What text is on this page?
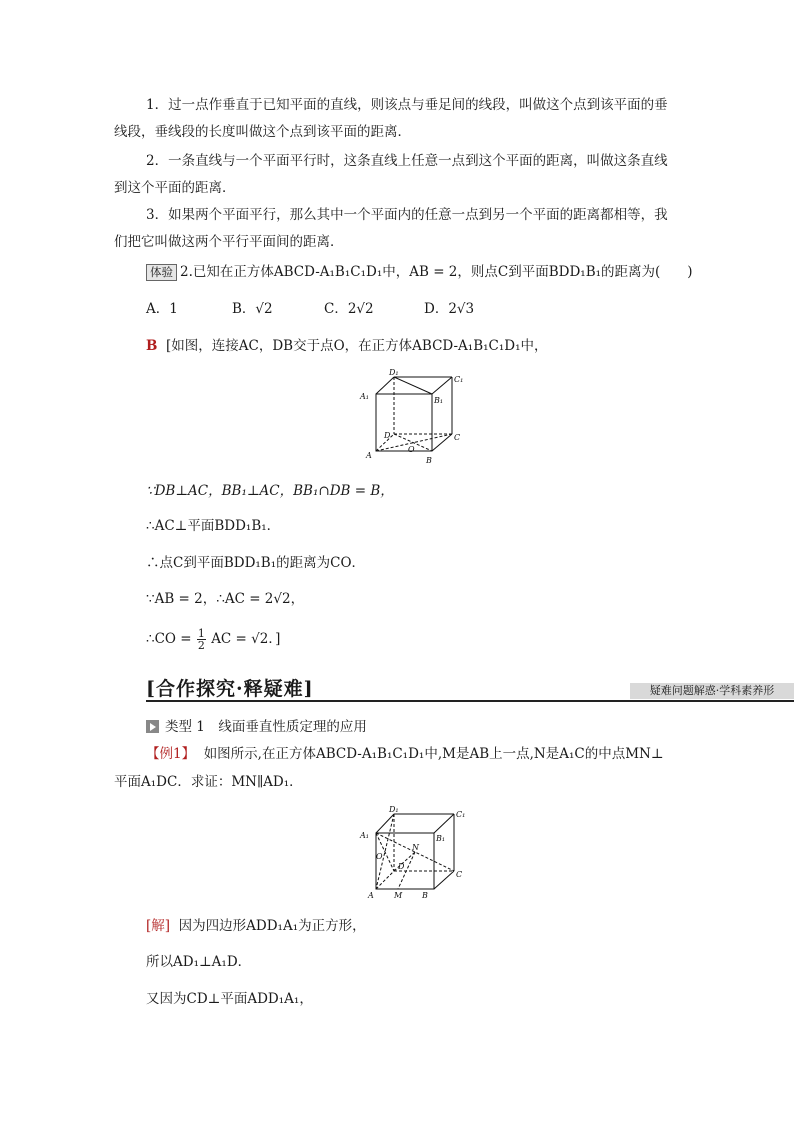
1．过一点作垂直于已知平面的直线，则该点与垂足间的线段，叫做这个点到该平面的垂
线段，垂线段的长度叫做这个点到该平面的距离．
2．一条直线与一个平面平行时，这条直线上任意一点到这个平面的距离，叫做这条直线
到这个平面的距离．
3．如果两个平面平行，那么其中一个平面内的任意一点到另一个平面的距离都相等，我
们把它叫做这两个平行平面间的距离．
体验 2.已知在正方体ABCD-A₁B₁C₁D₁中，AB = 2，则点C到平面BDD₁B₁的距离为(　　)
A．1	B．√2	C．2√2	D．2√3
B [如图，连接AC，DB交于点O，在正方体ABCD-A₁B₁C₁D₁中，
D₁
C₁
A₁	B₁
D	C
A
O
B
∵DB⊥AC，BB₁⊥AC，BB₁∩DB = B，
∴AC⊥平面BDD₁B₁．
∴点C到平面BDD₁B₁的距离为CO．
∵AB = 2，∴AC = 2√2，
∴CO = $\frac{1}{2}$ AC = √2．]
[合作探究·释疑难]	疑难问题解惑·学科素养形
类型 1　线面垂直性质定理的应用
【例1】 如图所示,在正方体ABCD-A₁B₁C₁D₁中,M是AB上一点,N是A₁C的中点MN⊥
平面A₁DC．求证：MN∥AD₁．
D₁
C₁
A₁	B₁
O
N
D
C
A	M B
[解] 因为四边形ADD₁A₁为正方形，
所以AD₁⊥A₁D．
又因为CD⊥平面ADD₁A₁，
